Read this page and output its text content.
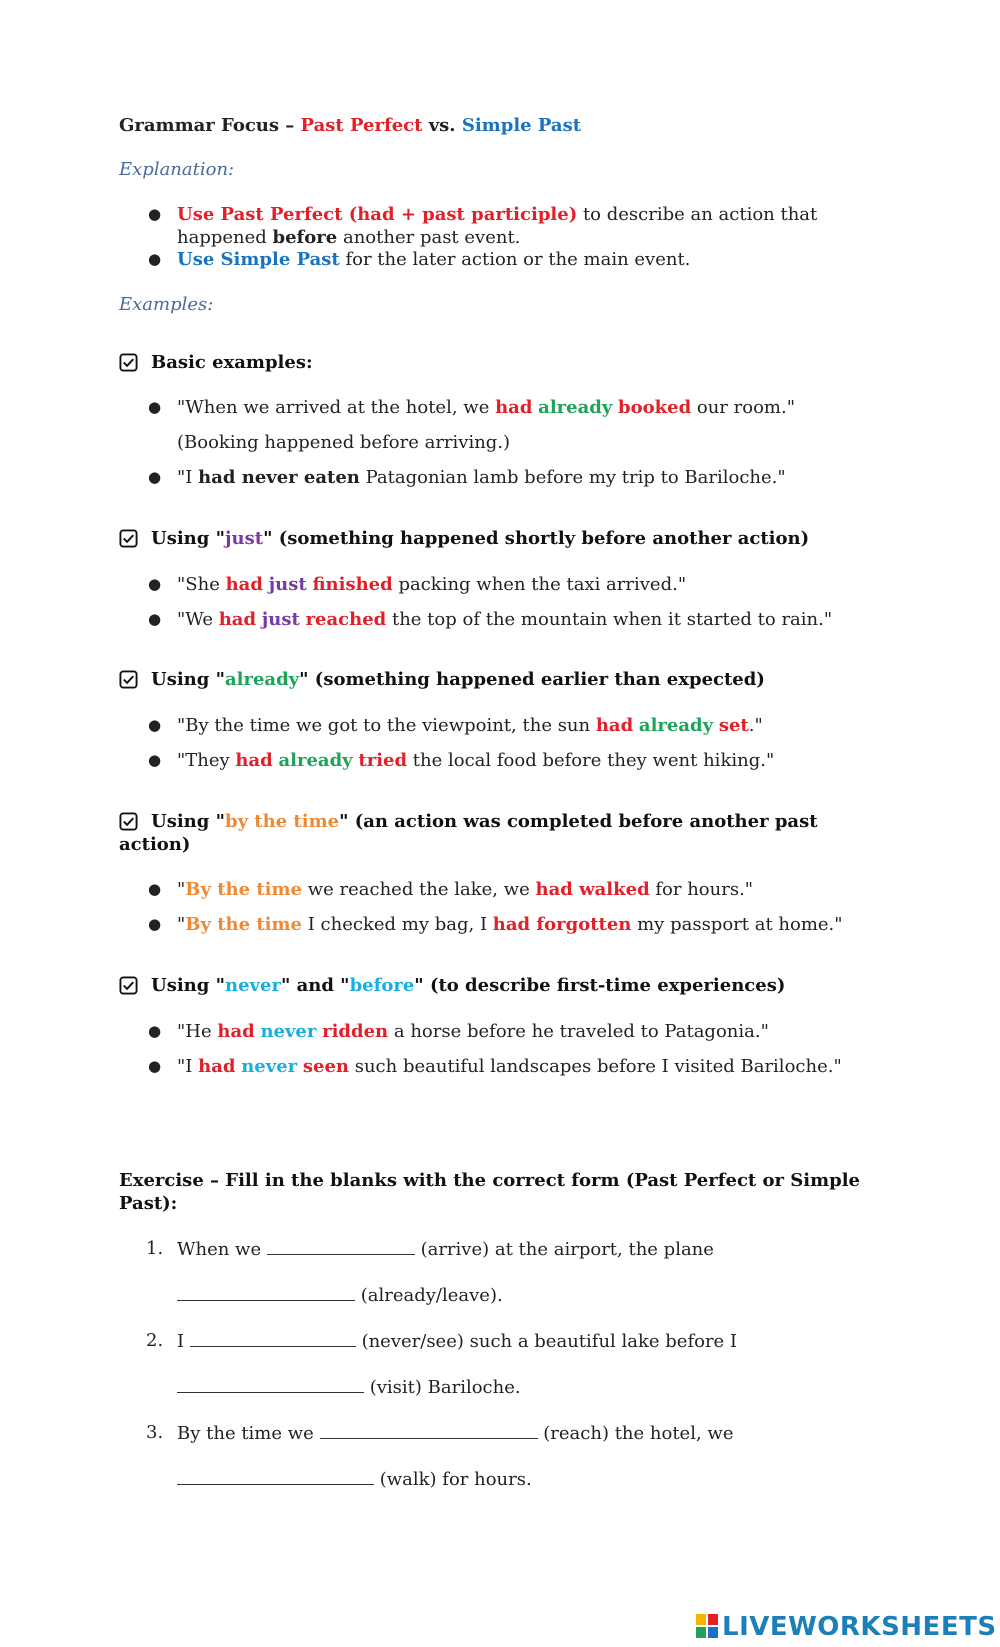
Grammar Focus – Past Perfect vs. Simple Past
Explanation:
● Use Past Perfect (had + past participle) to describe an action that
happened before another past event.
● Use Simple Past for the later action or the main event.
Examples:
Basic examples:
● "When we arrived at the hotel, we had already booked our room."
(Booking happened before arriving.)
● "I had never eaten Patagonian lamb before my trip to Bariloche."
Using "just" (something happened shortly before another action)
● "She had just finished packing when the taxi arrived."
● "We had just reached the top of the mountain when it started to rain."
Using "already" (something happened earlier than expected)
● "By the time we got to the viewpoint, the sun had already set."
● "They had already tried the local food before they went hiking."
Using "by the time" (an action was completed before another past
action)
● "By the time we reached the lake, we had walked for hours."
● "By the time I checked my bag, I had forgotten my passport at home."
Using "never" and "before" (to describe first-time experiences)
● "He had never ridden a horse before he traveled to Patagonia."
● "I had never seen such beautiful landscapes before I visited Bariloche."
Exercise – Fill in the blanks with the correct form (Past Perfect or Simple
Past):
1. When we	(arrive) at the airport, the plane
(already/leave).
2. I	(never/see) such a beautiful lake before I
(visit) Bariloche.
3. By the time we	(reach) the hotel, we
(walk) for hours.
LIVEWORKSHEETS
